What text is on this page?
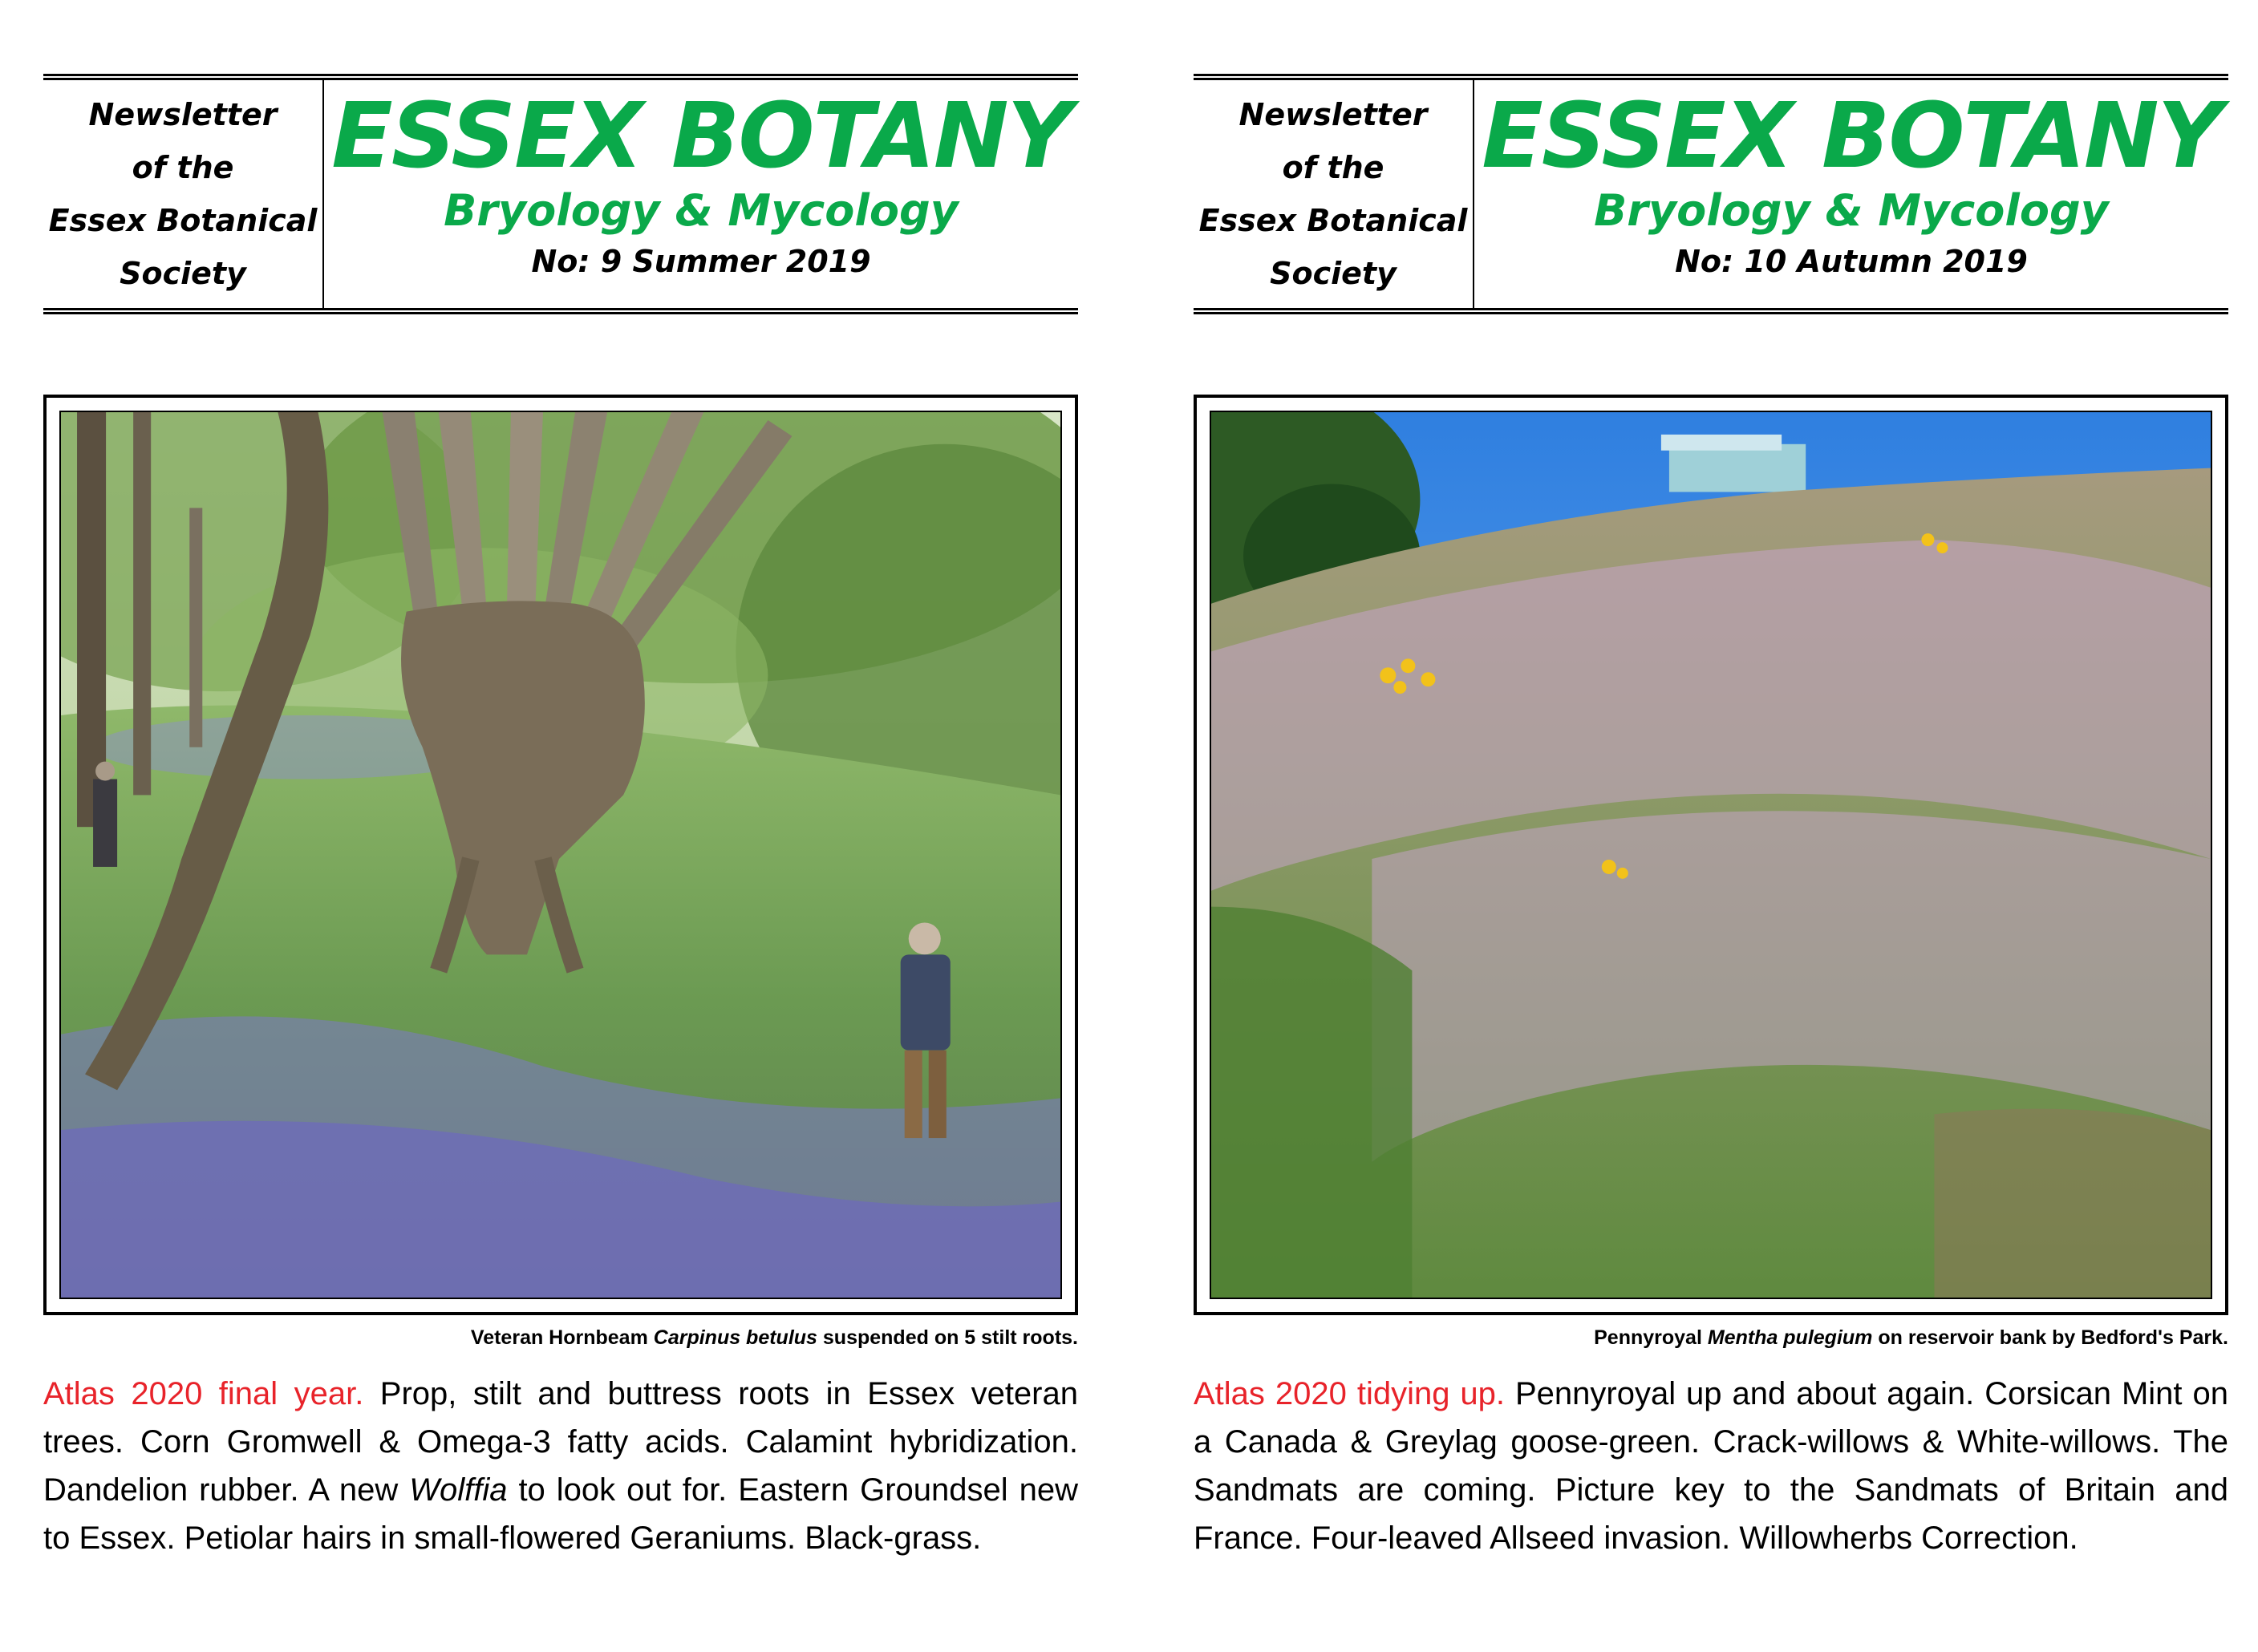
Newsletter
of the
Essex Botanical
Society
ESSEX BOTANY
Bryology & Mycology
No: 9 Summer 2019
Veteran Hornbeam Carpinus betulus suspended on 5 stilt roots.
Atlas 2020 final year. Prop, stilt and buttress roots in Essex veteran trees. Corn Gromwell & Omega-3 fatty acids. Calamint hybridization. Dandelion rubber. A new Wolffia to look out for. Eastern Groundsel new to Essex. Petiolar hairs in small-flowered Geraniums. Black-grass.
Newsletter
of the
Essex Botanical
Society
ESSEX BOTANY
Bryology & Mycology
No: 10 Autumn 2019
Pennyroyal Mentha pulegium on reservoir bank by Bedford's Park.
Atlas 2020 tidying up. Pennyroyal up and about again. Corsican Mint on a Canada & Greylag goose-green. Crack-willows & White-willows. The Sandmats are coming. Picture key to the Sandmats of Britain and France. Four-leaved Allseed invasion. Willowherbs Correction.
